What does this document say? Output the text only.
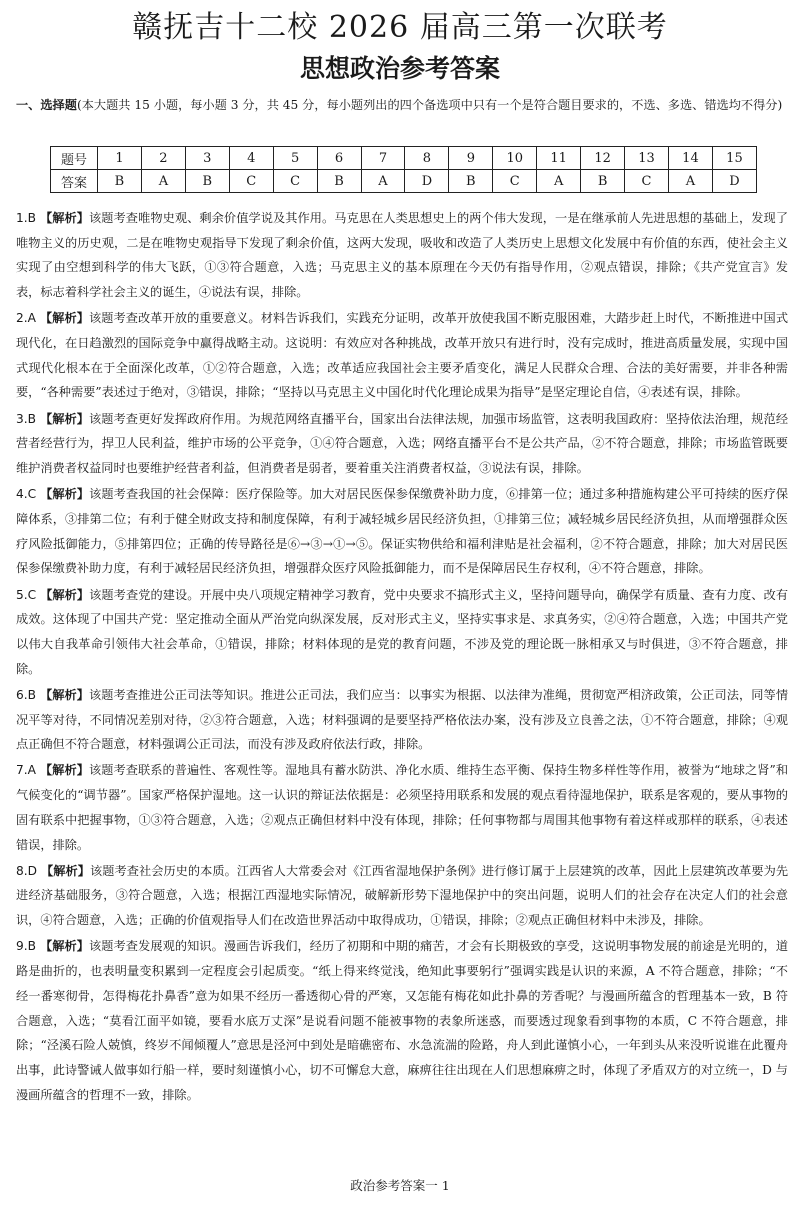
赣抚吉十二校 2026 届高三第一次联考
思想政治参考答案
一、选择题(本大题共 15 小题，每小题 3 分，共 45 分，每小题列出的四个备选项中只有一个是符合题目要求的，不选、多选、错选均不得分)
题号	1	2	3	4	5	6	7	8	9	10	11	12	13	14	15
答案	B	A	B	C	C	B	A	D	B	C	A	B	C	A	D

1.B 【解析】该题考查唯物史观、剩余价值学说及其作用。马克思在人类思想史上的两个伟大发现，一是在继承前人先进思想的基础上，发现了唯物主义的历史观，二是在唯物史观指导下发现了剩余价值，这两大发现，吸收和改造了人类历史上思想文化发展中有价值的东西，使社会主义实现了由空想到科学的伟大飞跃，①③符合题意，入选；马克思主义的基本原理在今天仍有指导作用，②观点错误，排除；《共产党宣言》发表，标志着科学社会主义的诞生，④说法有误，排除。

2.A 【解析】该题考查改革开放的重要意义。材料告诉我们，实践充分证明，改革开放使我国不断克服困难，大踏步赶上时代，不断推进中国式现代化，在日趋激烈的国际竞争中赢得战略主动。这说明：有效应对各种挑战，改革开放只有进行时，没有完成时，推进高质量发展，实现中国式现代化根本在于全面深化改革，①②符合题意，入选；改革适应我国社会主要矛盾变化，满足人民群众合理、合法的美好需要，并非各种需要，“各种需要”表述过于绝对，③错误，排除；“坚持以马克思主义中国化时代化理论成果为指导”是坚定理论自信，④表述有误，排除。

3.B 【解析】该题考查更好发挥政府作用。为规范网络直播平台，国家出台法律法规，加强市场监管，这表明我国政府：坚持依法治理，规范经营者经营行为，捍卫人民利益，维护市场的公平竞争，①④符合题意，入选；网络直播平台不是公共产品，②不符合题意，排除；市场监管既要维护消费者权益同时也要维护经营者利益，但消费者是弱者，要着重关注消费者权益，③说法有误，排除。

4.C 【解析】该题考查我国的社会保障：医疗保险等。加大对居民医保参保缴费补助力度，⑥排第一位；通过多种措施构建公平可持续的医疗保障体系，③排第二位；有利于健全财政支持和制度保障，有利于减轻城乡居民经济负担，①排第三位；减轻城乡居民经济负担，从而增强群众医疗风险抵御能力，⑤排第四位；正确的传导路径是⑥→③→①→⑤。保证实物供给和福利津贴是社会福利，②不符合题意，排除；加大对居民医保参保缴费补助力度，有利于减轻居民经济负担，增强群众医疗风险抵御能力，而不是保障居民生存权利，④不符合题意，排除。

5.C 【解析】该题考查党的建设。开展中央八项规定精神学习教育，党中央要求不搞形式主义，坚持问题导向，确保学有质量、查有力度、改有成效。这体现了中国共产党：坚定推动全面从严治党向纵深发展，反对形式主义，坚持实事求是、求真务实，②④符合题意，入选；中国共产党以伟大自我革命引领伟大社会革命，①错误，排除；材料体现的是党的教育问题，不涉及党的理论既一脉相承又与时俱进，③不符合题意，排除。

6.B 【解析】该题考查推进公正司法等知识。推进公正司法，我们应当：以事实为根据、以法律为准绳，贯彻宽严相济政策，公正司法，同等情况平等对待，不同情况差别对待，②③符合题意，入选；材料强调的是要坚持严格依法办案，没有涉及立良善之法，①不符合题意，排除；④观点正确但不符合题意，材料强调公正司法，而没有涉及政府依法行政，排除。

7.A 【解析】该题考查联系的普遍性、客观性等。湿地具有蓄水防洪、净化水质、维持生态平衡、保持生物多样性等作用，被誉为“地球之肾”和气候变化的“调节器”。国家严格保护湿地。这一认识的辩证法依据是：必须坚持用联系和发展的观点看待湿地保护，联系是客观的，要从事物的固有联系中把握事物，①③符合题意，入选；②观点正确但材料中没有体现，排除；任何事物都与周围其他事物有着这样或那样的联系，④表述错误，排除。

8.D 【解析】该题考查社会历史的本质。江西省人大常委会对《江西省湿地保护条例》进行修订属于上层建筑的改革，因此上层建筑改革要为先进经济基础服务，③符合题意，入选；根据江西湿地实际情况，破解新形势下湿地保护中的突出问题，说明人们的社会存在决定人们的社会意识，④符合题意，入选；正确的价值观指导人们在改造世界活动中取得成功，①错误，排除；②观点正确但材料中未涉及，排除。

9.B 【解析】该题考查发展观的知识。漫画告诉我们，经历了初期和中期的痛苦，才会有长期极致的享受，这说明事物发展的前途是光明的，道路是曲折的，也表明量变积累到一定程度会引起质变。“纸上得来终觉浅，绝知此事要躬行”强调实践是认识的来源，A 不符合题意，排除；“不经一番寒彻骨，怎得梅花扑鼻香”意为如果不经历一番透彻心骨的严寒，又怎能有梅花如此扑鼻的芳香呢？与漫画所蕴含的哲理基本一致，B 符合题意，入选；“莫看江面平如镜，要看水底万丈深”是说看问题不能被事物的表象所迷惑，而要透过现象看到事物的本质，C 不符合题意，排除；“泾溪石险人兢慎，终岁不闻倾覆人”意思是泾河中到处是暗礁密布、水急流湍的险路，舟人到此谨慎小心，一年到头从来没听说谁在此覆舟出事，此诗警诫人做事如行船一样，要时刻谨慎小心，切不可懈怠大意，麻痹往往出现在人们思想麻痹之时，体现了矛盾双方的对立统一，D 与漫画所蕴含的哲理不一致，排除。

政治参考答案一 1
